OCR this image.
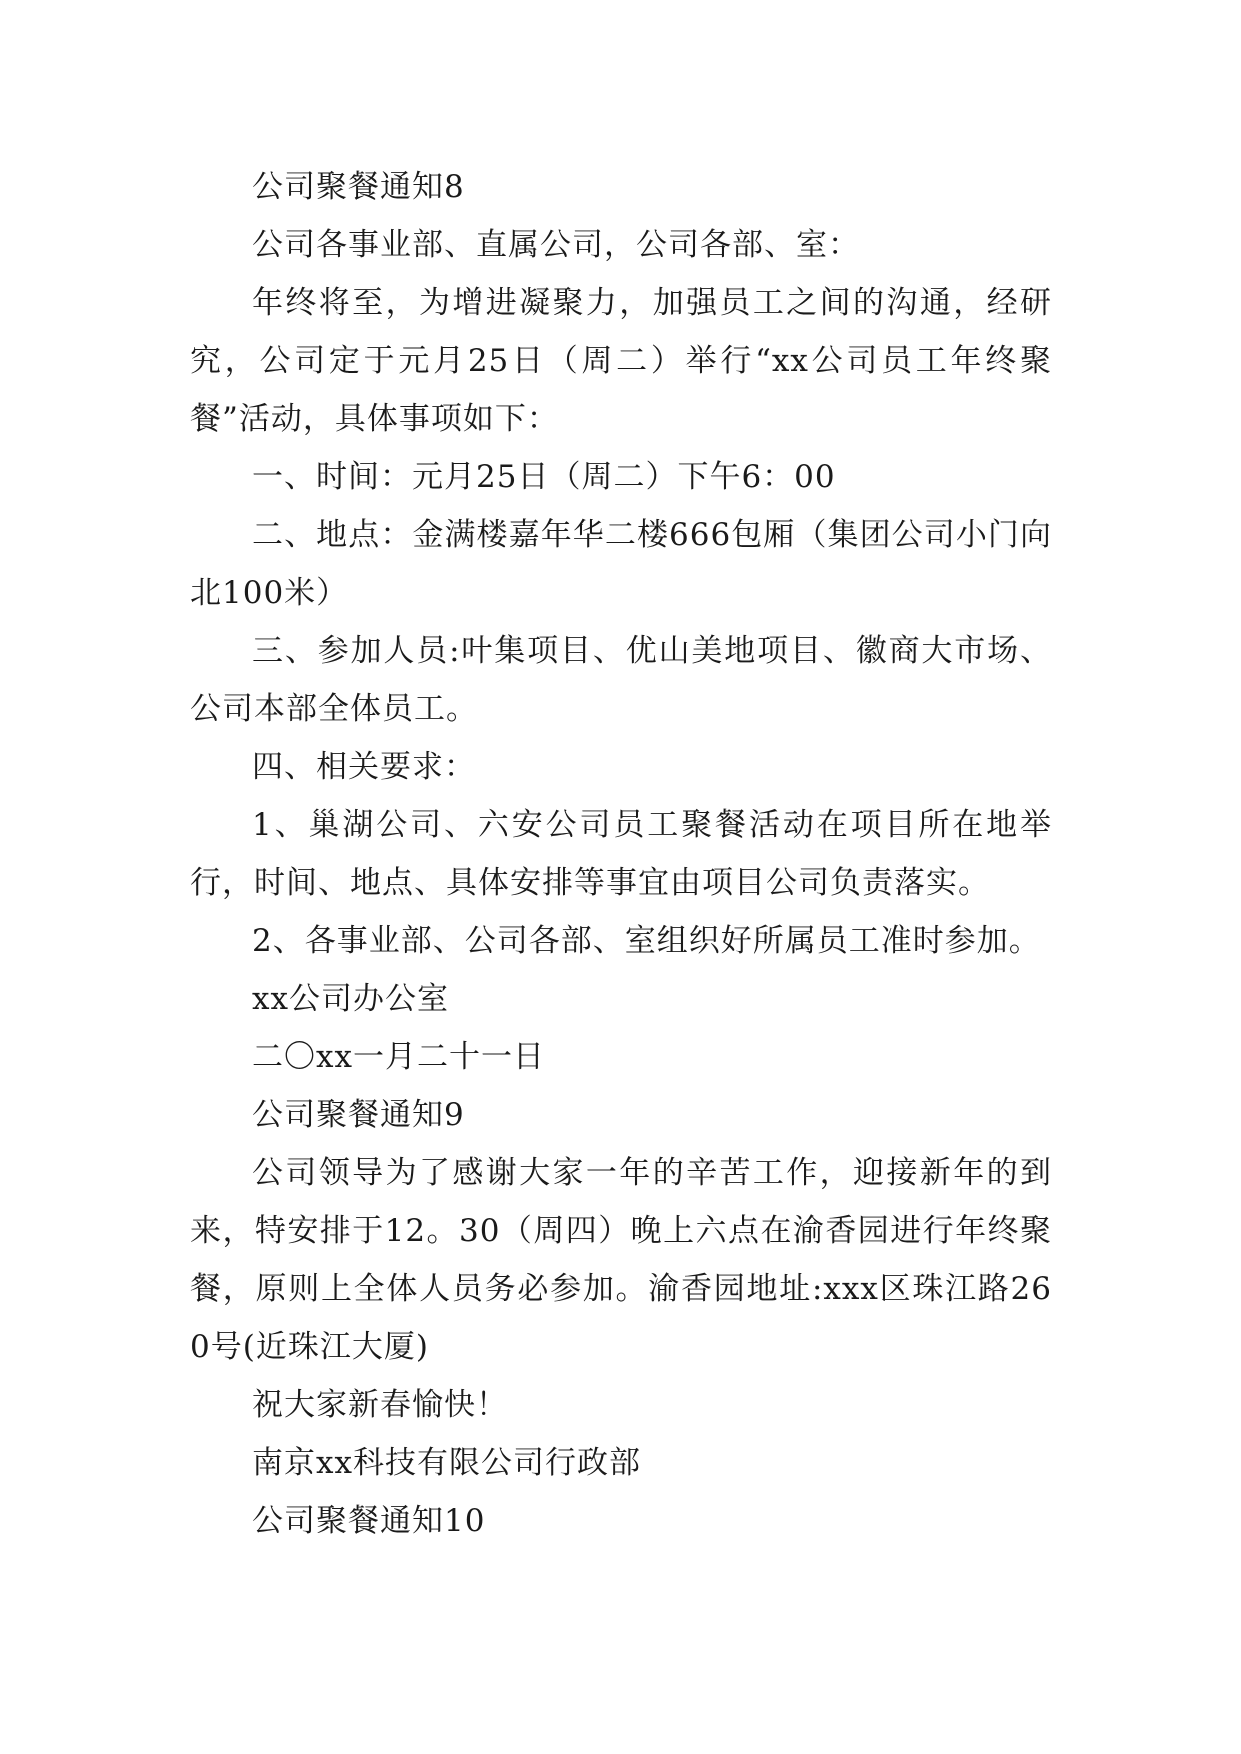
公司聚餐通知8

公司各事业部、直属公司，公司各部、室：

年终将至，为增进凝聚力，加强员工之间的沟通，经研究，公司定于元月25日（周二）举行“xx公司员工年终聚餐”活动，具体事项如下：

一、时间：元月25日（周二）下午6：00

二、地点：金满楼嘉年华二楼666包厢（集团公司小门向北100米）

三、参加人员:叶集项目、优山美地项目、徽商大市场、公司本部全体员工。

四、相关要求：

1、巢湖公司、六安公司员工聚餐活动在项目所在地举行，时间、地点、具体安排等事宜由项目公司负责落实。

2、各事业部、公司各部、室组织好所属员工准时参加。

xx公司办公室

二〇xx一月二十一日

公司聚餐通知9

公司领导为了感谢大家一年的辛苦工作，迎接新年的到来，特安排于12。30（周四）晚上六点在渝香园进行年终聚餐，原则上全体人员务必参加。渝香园地址:xxx区珠江路260号(近珠江大厦)

祝大家新春愉快！

南京xx科技有限公司行政部

公司聚餐通知10
